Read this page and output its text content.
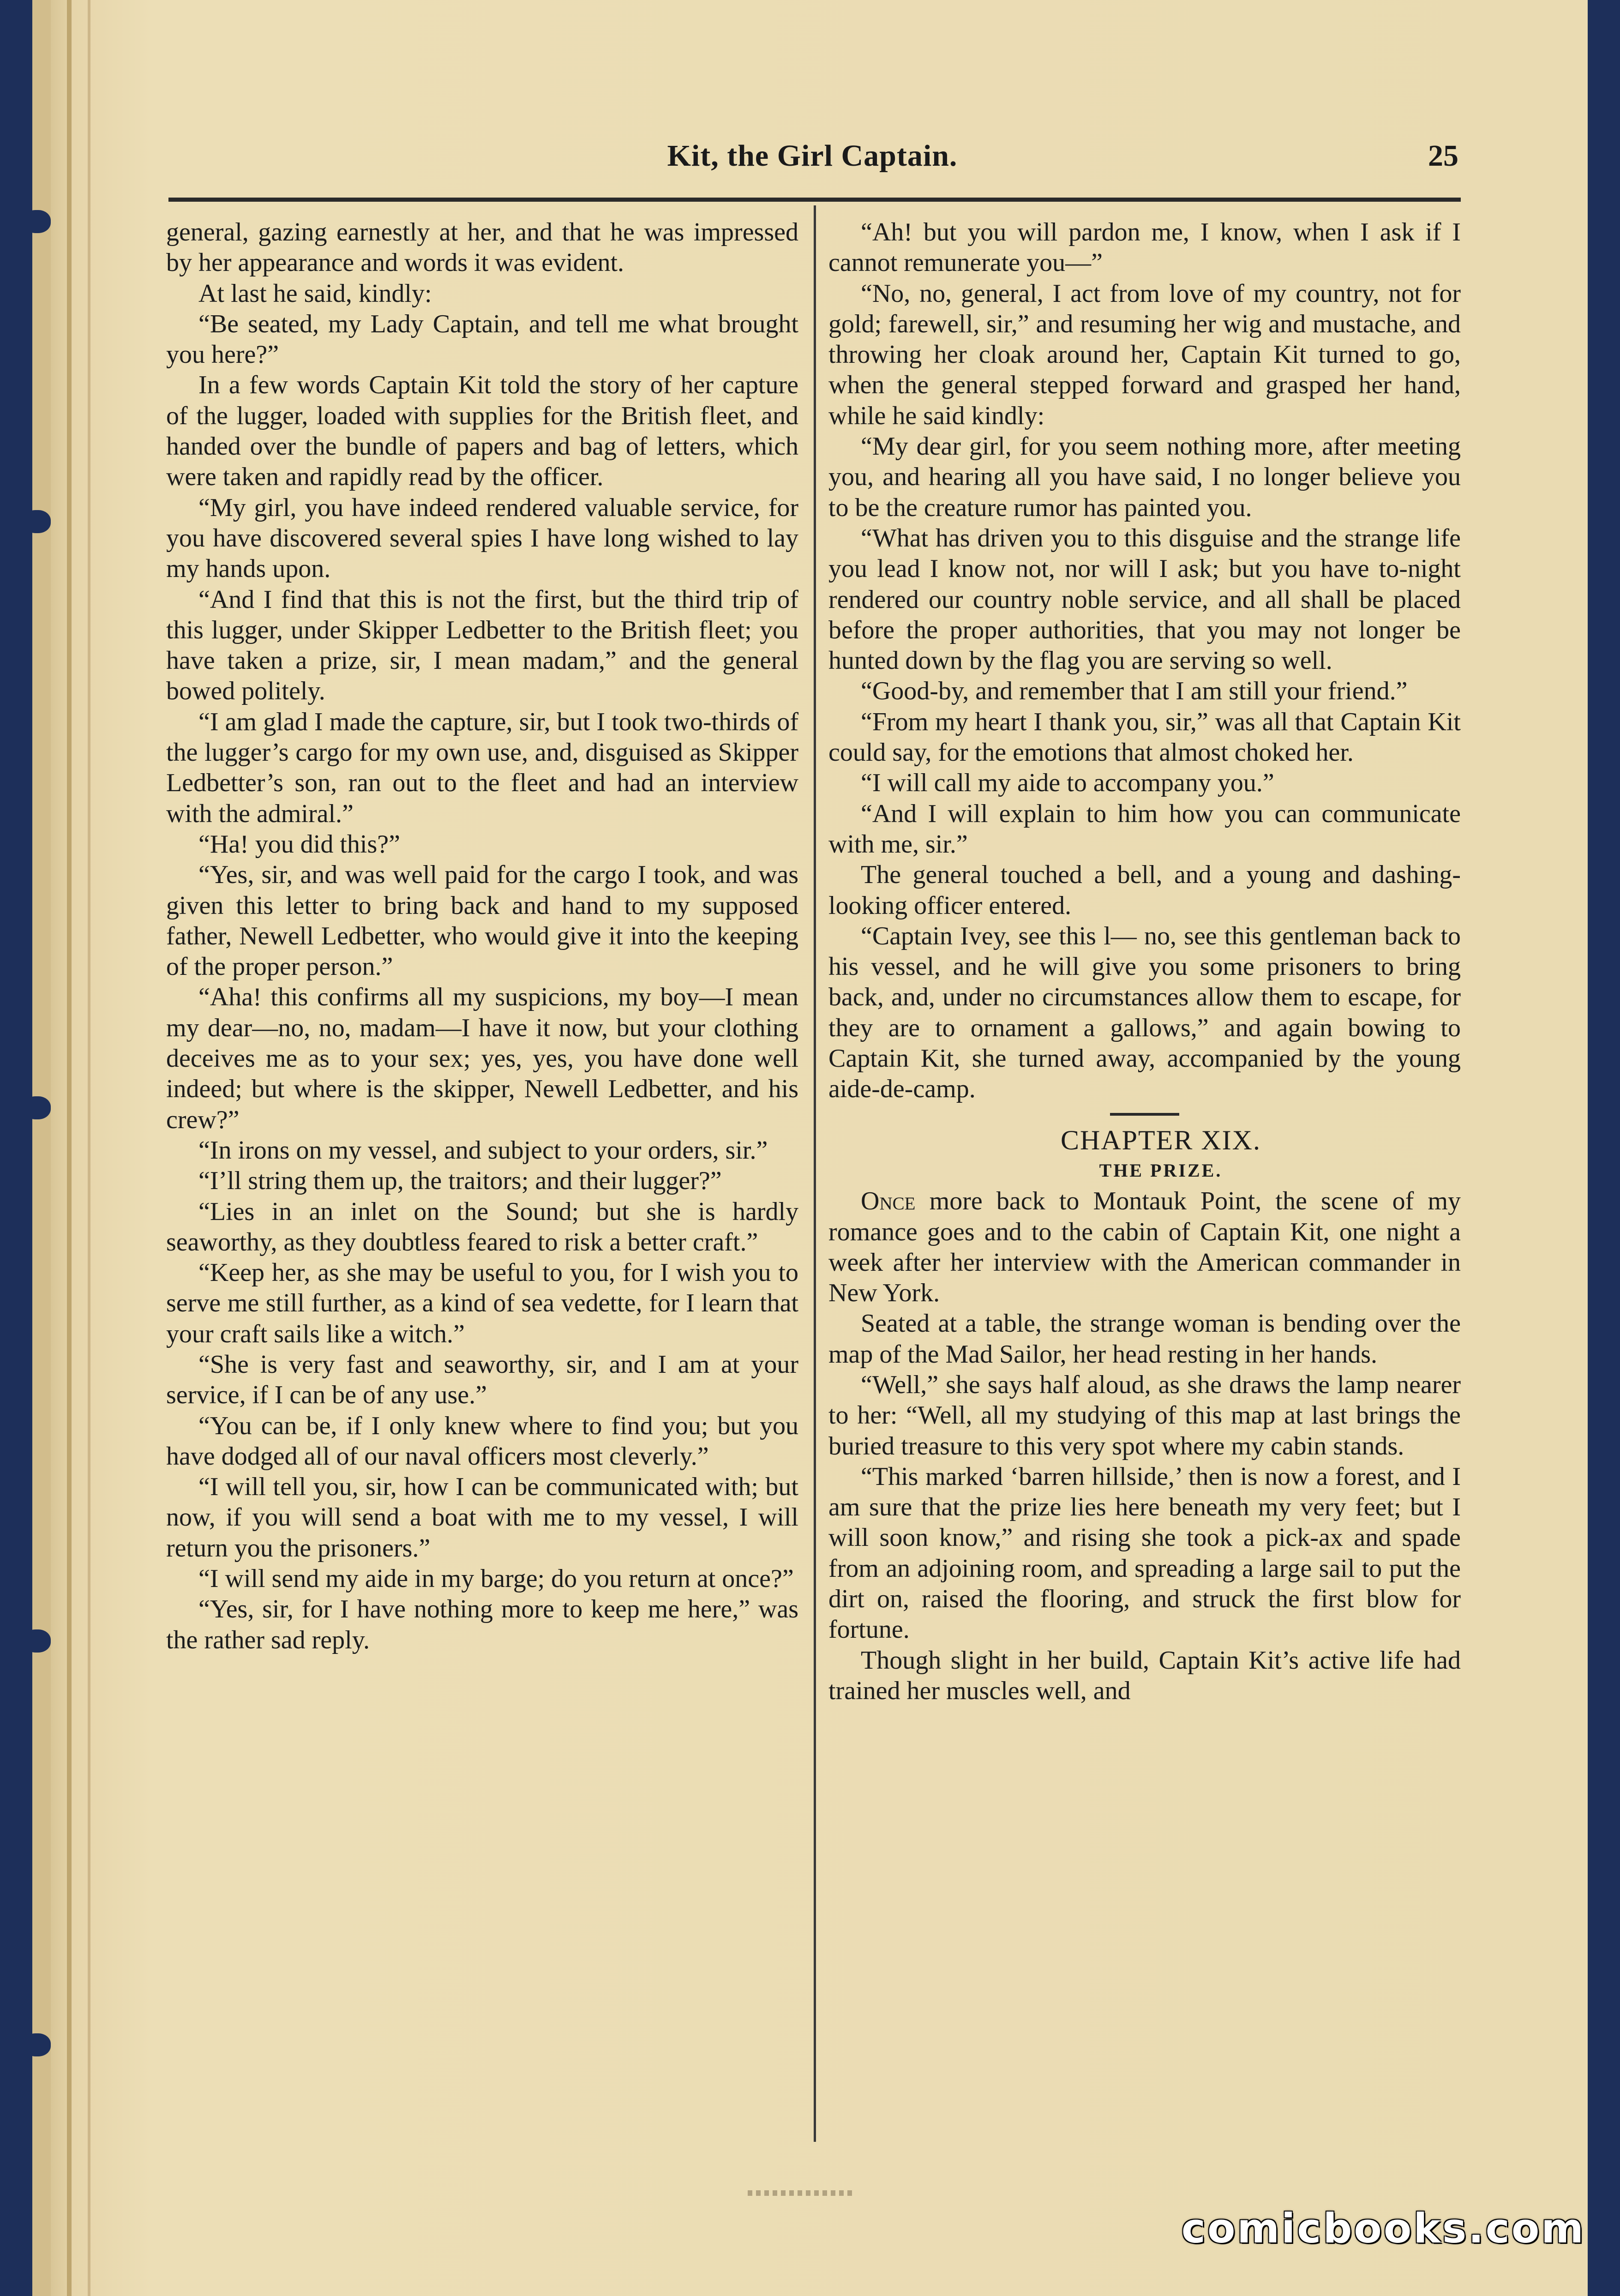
Kit, the Girl Captain.	25

general, gazing earnestly at her, and that he was impressed by her appearance and words it was evident.

At last he said, kindly:

“Be seated, my Lady Captain, and tell me what brought you here?”

In a few words Captain Kit told the story of her capture of the lugger, loaded with supplies for the British fleet, and handed over the bundle of papers and bag of letters, which were taken and rapidly read by the officer.

“My girl, you have indeed rendered valuable service, for you have discovered several spies I have long wished to lay my hands upon.

“And I find that this is not the first, but the third trip of this lugger, under Skipper Ledbetter to the British fleet; you have taken a prize, sir, I mean madam,” and the general bowed politely.

“I am glad I made the capture, sir, but I took two-thirds of the lugger’s cargo for my own use, and, disguised as Skipper Ledbetter’s son, ran out to the fleet and had an interview with the admiral.”

“Ha! you did this?”

“Yes, sir, and was well paid for the cargo I took, and was given this letter to bring back and hand to my supposed father, Newell Ledbetter, who would give it into the keeping of the proper person.”

“Aha! this confirms all my suspicions, my boy—I mean my dear—no, no, madam—I have it now, but your clothing deceives me as to your sex; yes, yes, you have done well indeed; but where is the skipper, Newell Ledbetter, and his crew?”

“In irons on my vessel, and subject to your orders, sir.”

“I’ll string them up, the traitors; and their lugger?”

“Lies in an inlet on the Sound; but she is hardly seaworthy, as they doubtless feared to risk a better craft.”

“Keep her, as she may be useful to you, for I wish you to serve me still further, as a kind of sea vedette, for I learn that your craft sails like a witch.”

“She is very fast and seaworthy, sir, and I am at your service, if I can be of any use.”

“You can be, if I only knew where to find you; but you have dodged all of our naval officers most cleverly.”

“I will tell you, sir, how I can be communicated with; but now, if you will send a boat with me to my vessel, I will return you the prisoners.”

“I will send my aide in my barge; do you return at once?”

“Yes, sir, for I have nothing more to keep me here,” was the rather sad reply.

“Ah! but you will pardon me, I know, when I ask if I cannot remunerate you—”

“No, no, general, I act from love of my country, not for gold; farewell, sir,” and resuming her wig and mustache, and throwing her cloak around her, Captain Kit turned to go, when the general stepped forward and grasped her hand, while he said kindly:

“My dear girl, for you seem nothing more, after meeting you, and hearing all you have said, I no longer believe you to be the creature rumor has painted you.

“What has driven you to this disguise and the strange life you lead I know not, nor will I ask; but you have to-night rendered our country noble service, and all shall be placed before the proper authorities, that you may not longer be hunted down by the flag you are serving so well.

“Good-by, and remember that I am still your friend.”

“From my heart I thank you, sir,” was all that Captain Kit could say, for the emotions that almost choked her.

“I will call my aide to accompany you.”

“And I will explain to him how you can communicate with me, sir.”

The general touched a bell, and a young and dashing-looking officer entered.

“Captain Ivey, see this l— no, see this gentleman back to his vessel, and he will give you some prisoners to bring back, and, under no circumstances allow them to escape, for they are to ornament a gallows,” and again bowing to Captain Kit, she turned away, accompanied by the young aide-de-camp.

CHAPTER XIX.

THE PRIZE.

Once more back to Montauk Point, the scene of my romance goes and to the cabin of Captain Kit, one night a week after her interview with the American commander in New York.

Seated at a table, the strange woman is bending over the map of the Mad Sailor, her head resting in her hands.

“Well,” she says half aloud, as she draws the lamp nearer to her: “Well, all my studying of this map at last brings the buried treasure to this very spot where my cabin stands.

“This marked ‘barren hillside,’ then is now a forest, and I am sure that the prize lies here beneath my very feet; but I will soon know,” and rising she took a pick-ax and spade from an adjoining room, and spreading a large sail to put the dirt on, raised the flooring, and struck the first blow for fortune.

Though slight in her build, Captain Kit’s active life had trained her muscles well, and

comicbooks.com
